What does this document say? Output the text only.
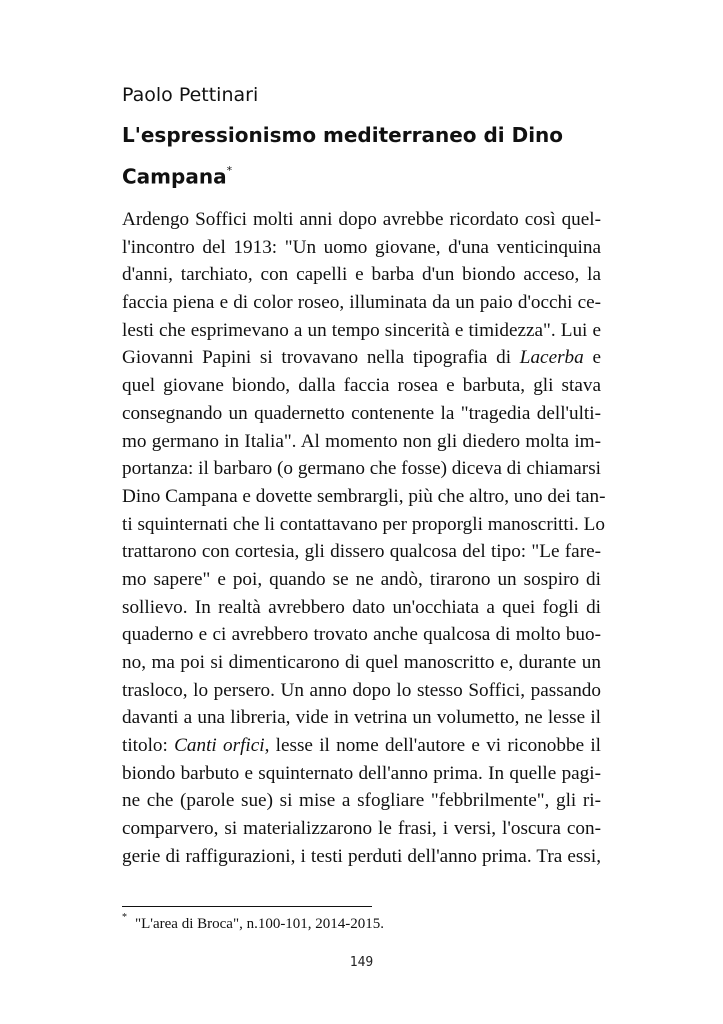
Paolo Pettinari
L'espressionismo mediterraneo di Dino
Campana*
Ardengo Soffici molti anni dopo avrebbe ricordato così quel-
l'incontro del 1913: "Un uomo giovane, d'una venticinquina
d'anni, tarchiato, con capelli e barba d'un biondo acceso, la
faccia piena e di color roseo, illuminata da un paio d'occhi ce-
lesti che esprimevano a un tempo sincerità e timidezza". Lui e
Giovanni Papini si trovavano nella tipografia di Lacerba e
quel giovane biondo, dalla faccia rosea e barbuta, gli stava
consegnando un quadernetto contenente la "tragedia dell'ulti-
mo germano in Italia". Al momento non gli diedero molta im-
portanza: il barbaro (o germano che fosse) diceva di chiamarsi
Dino Campana e dovette sembrargli, più che altro, uno dei tan-
ti squinternati che li contattavano per proporgli manoscritti. Lo
trattarono con cortesia, gli dissero qualcosa del tipo: "Le fare-
mo sapere" e poi, quando se ne andò, tirarono un sospiro di
sollievo. In realtà avrebbero dato un'occhiata a quei fogli di
quaderno e ci avrebbero trovato anche qualcosa di molto buo-
no, ma poi si dimenticarono di quel manoscritto e, durante un
trasloco, lo persero. Un anno dopo lo stesso Soffici, passando
davanti a una libreria, vide in vetrina un volumetto, ne lesse il
titolo: Canti orfici, lesse il nome dell'autore e vi riconobbe il
biondo barbuto e squinternato dell'anno prima. In quelle pagi-
ne che (parole sue) si mise a sfogliare "febbrilmente", gli ri-
comparvero, si materializzarono le frasi, i versi, l'oscura con-
gerie di raffigurazioni, i testi perduti dell'anno prima. Tra essi,
* "L'area di Broca", n.100-101, 2014-2015.
149
